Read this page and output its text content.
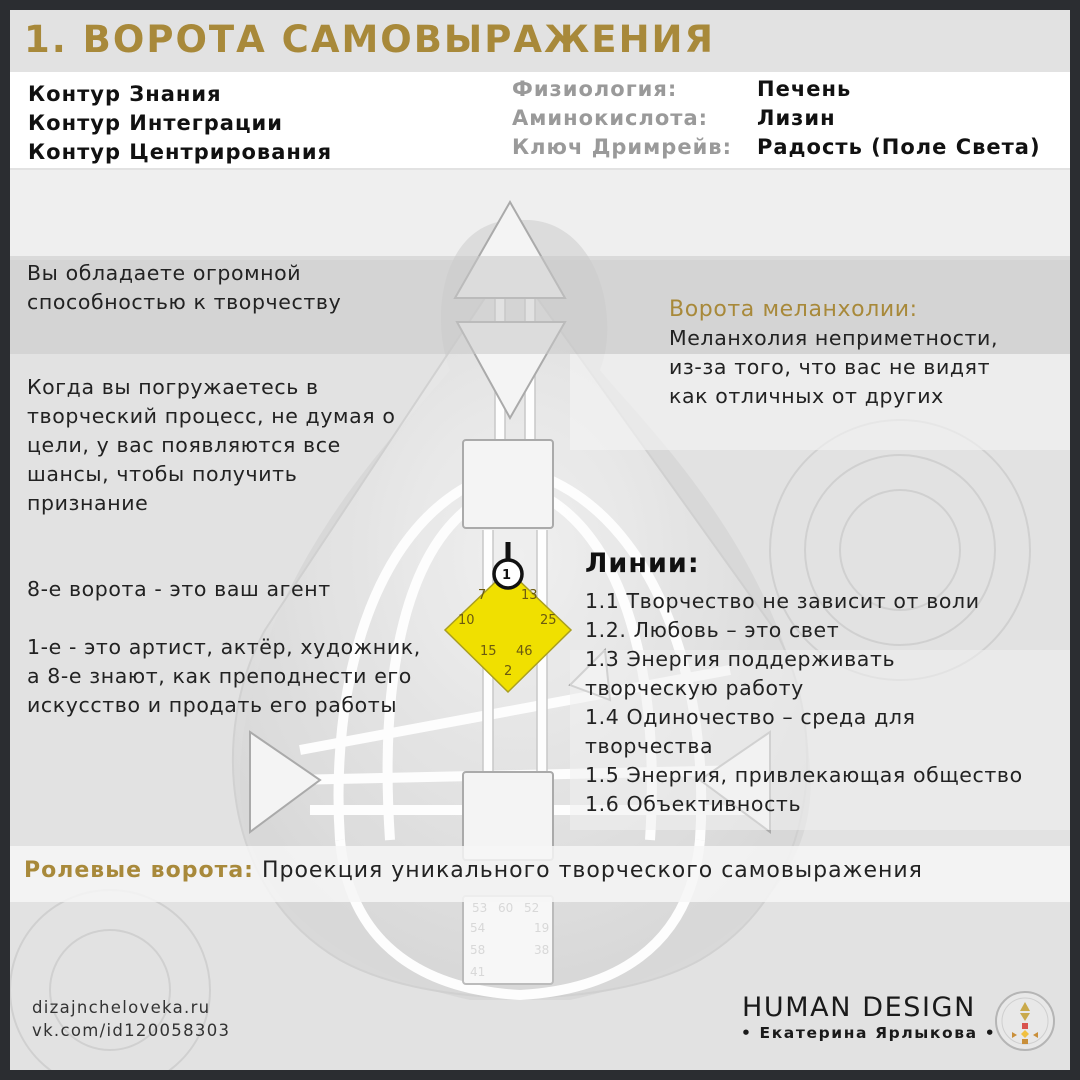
1. ВОРОТА САМОВЫРАЖЕНИЯ
Контур Знания
Контур Интеграции
Контур Центрирования
Физиология:	Печень
Аминокислота: Лизин
Ключ Дримрейв: Радость (Поле Света)
Вы обладаете огромной
способностью к творчеству
Когда вы погружаетесь в
творческий процесс, не думая о
цели, у вас появляются все
шансы, чтобы получить
признание
8-е ворота - это ваш агент
1-е - это артист, актёр, художник,
а 8-е знают, как преподнести его
искусство и продать его работы
Ворота меланхолии:
Меланхолия неприметности,
из-за того, что вас не видят
как отличных от других
Линии:
1.1 Творчество не зависит от воли
1.2. Любовь – это свет
1.3 Энергия поддерживать
творческую работу
1.4 Одиночество – среда для
творчества
1.5 Энергия, привлекающая общество
1.6 Объективность
Ролевые ворота: Проекция уникального творческого самовыражения
1
7	13
10	25
15 46
2
53 60 52
54	19
58	38
41
dizajncheloveka.ru
vk.com/id120058303
HUMAN DESIGN
• Екатерина Ярлыкова •
